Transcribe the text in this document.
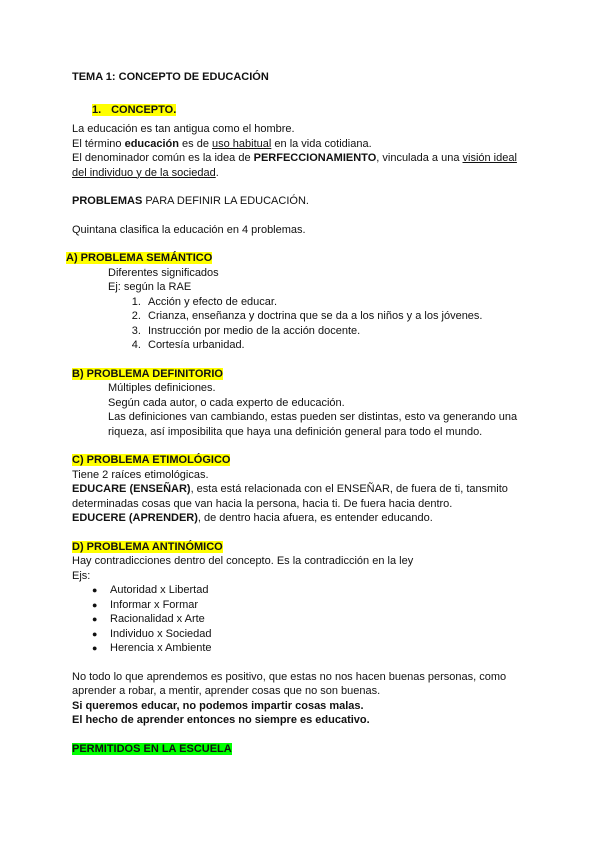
TEMA 1: CONCEPTO DE EDUCACIÓN

1. CONCEPTO.

La educación es tan antigua como el hombre.

El término educación es de uso habitual en la vida cotidiana.

El denominador común es la idea de PERFECCIONAMIENTO, vinculada a una visión ideal del individuo y de la sociedad.

PROBLEMAS PARA DEFINIR LA EDUCACIÓN.

Quintana clasifica la educación en 4 problemas.

A) PROBLEMA SEMÁNTICO

Diferentes significados

Ej: según la RAE

1. Acción y efecto de educar.
2. Crianza, enseñanza y doctrina que se da a los niños y a los jóvenes.
3. Instrucción por medio de la acción docente.
4. Cortesía urbanidad.

B) PROBLEMA DEFINITORIO

Múltiples definiciones.

Según cada autor, o cada experto de educación.

Las definiciones van cambiando, estas pueden ser distintas, esto va generando una riqueza, así imposibilita que haya una definición general para todo el mundo.

C) PROBLEMA ETIMOLÓGICO

Tiene 2 raíces etimológicas.

EDUCARE (ENSEÑAR), esta está relacionada con el ENSEÑAR, de fuera de ti, tansmito determinadas cosas que van hacia la persona, hacia ti. De fuera hacia dentro.

EDUCERE (APRENDER), de dentro hacia afuera, es entender educando.

D) PROBLEMA ANTINÓMICO

Hay contradicciones dentro del concepto. Es la contradicción en la ley

Ejs:

● Autoridad x Libertad
● Informar x Formar
● Racionalidad x Arte
● Individuo x Sociedad
● Herencia x Ambiente

No todo lo que aprendemos es positivo, que estas no nos hacen buenas personas, como aprender a robar, a mentir, aprender cosas que no son buenas.

Si queremos educar, no podemos impartir cosas malas.

El hecho de aprender entonces no siempre es educativo.

PERMITIDOS EN LA ESCUELA
